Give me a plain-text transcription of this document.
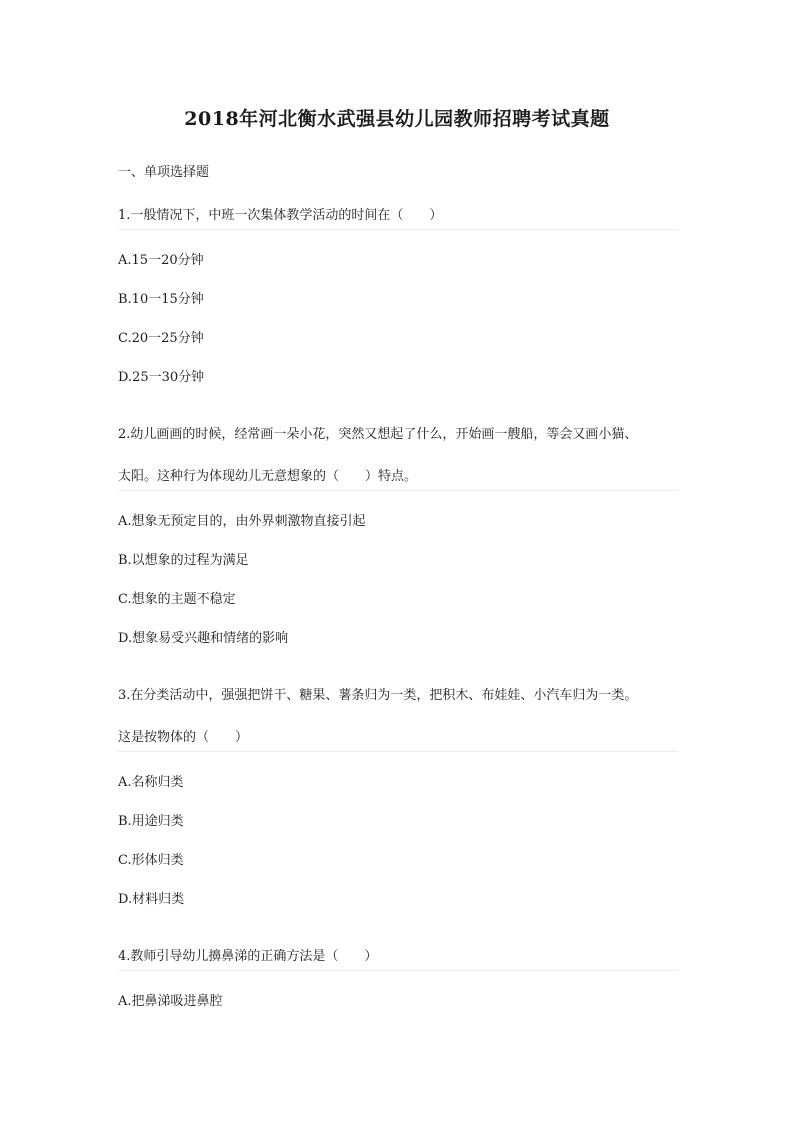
2018年河北衡水武强县幼儿园教师招聘考试真题
一、单项选择题
1.一般情况下，中班一次集体教学活动的时间在（　　）
A.15一20分钟
B.10一15分钟
C.20一25分钟
D.25一30分钟
2.幼儿画画的时候，经常画一朵小花，突然又想起了什么，开始画一艘船，等会又画小猫、
太阳。这种行为体现幼儿无意想象的（　　）特点。
A.想象无预定目的，由外界刺激物直接引起
B.以想象的过程为满足
C.想象的主题不稳定
D.想象易受兴趣和情绪的影响
3.在分类活动中，强强把饼干、糖果、薯条归为一类，把积木、布娃娃、小汽车归为一类。
这是按物体的（　　）
A.名称归类
B.用途归类
C.形体归类
D.材料归类
4.教师引导幼儿擤鼻涕的正确方法是（　　）
A.把鼻涕吸进鼻腔
